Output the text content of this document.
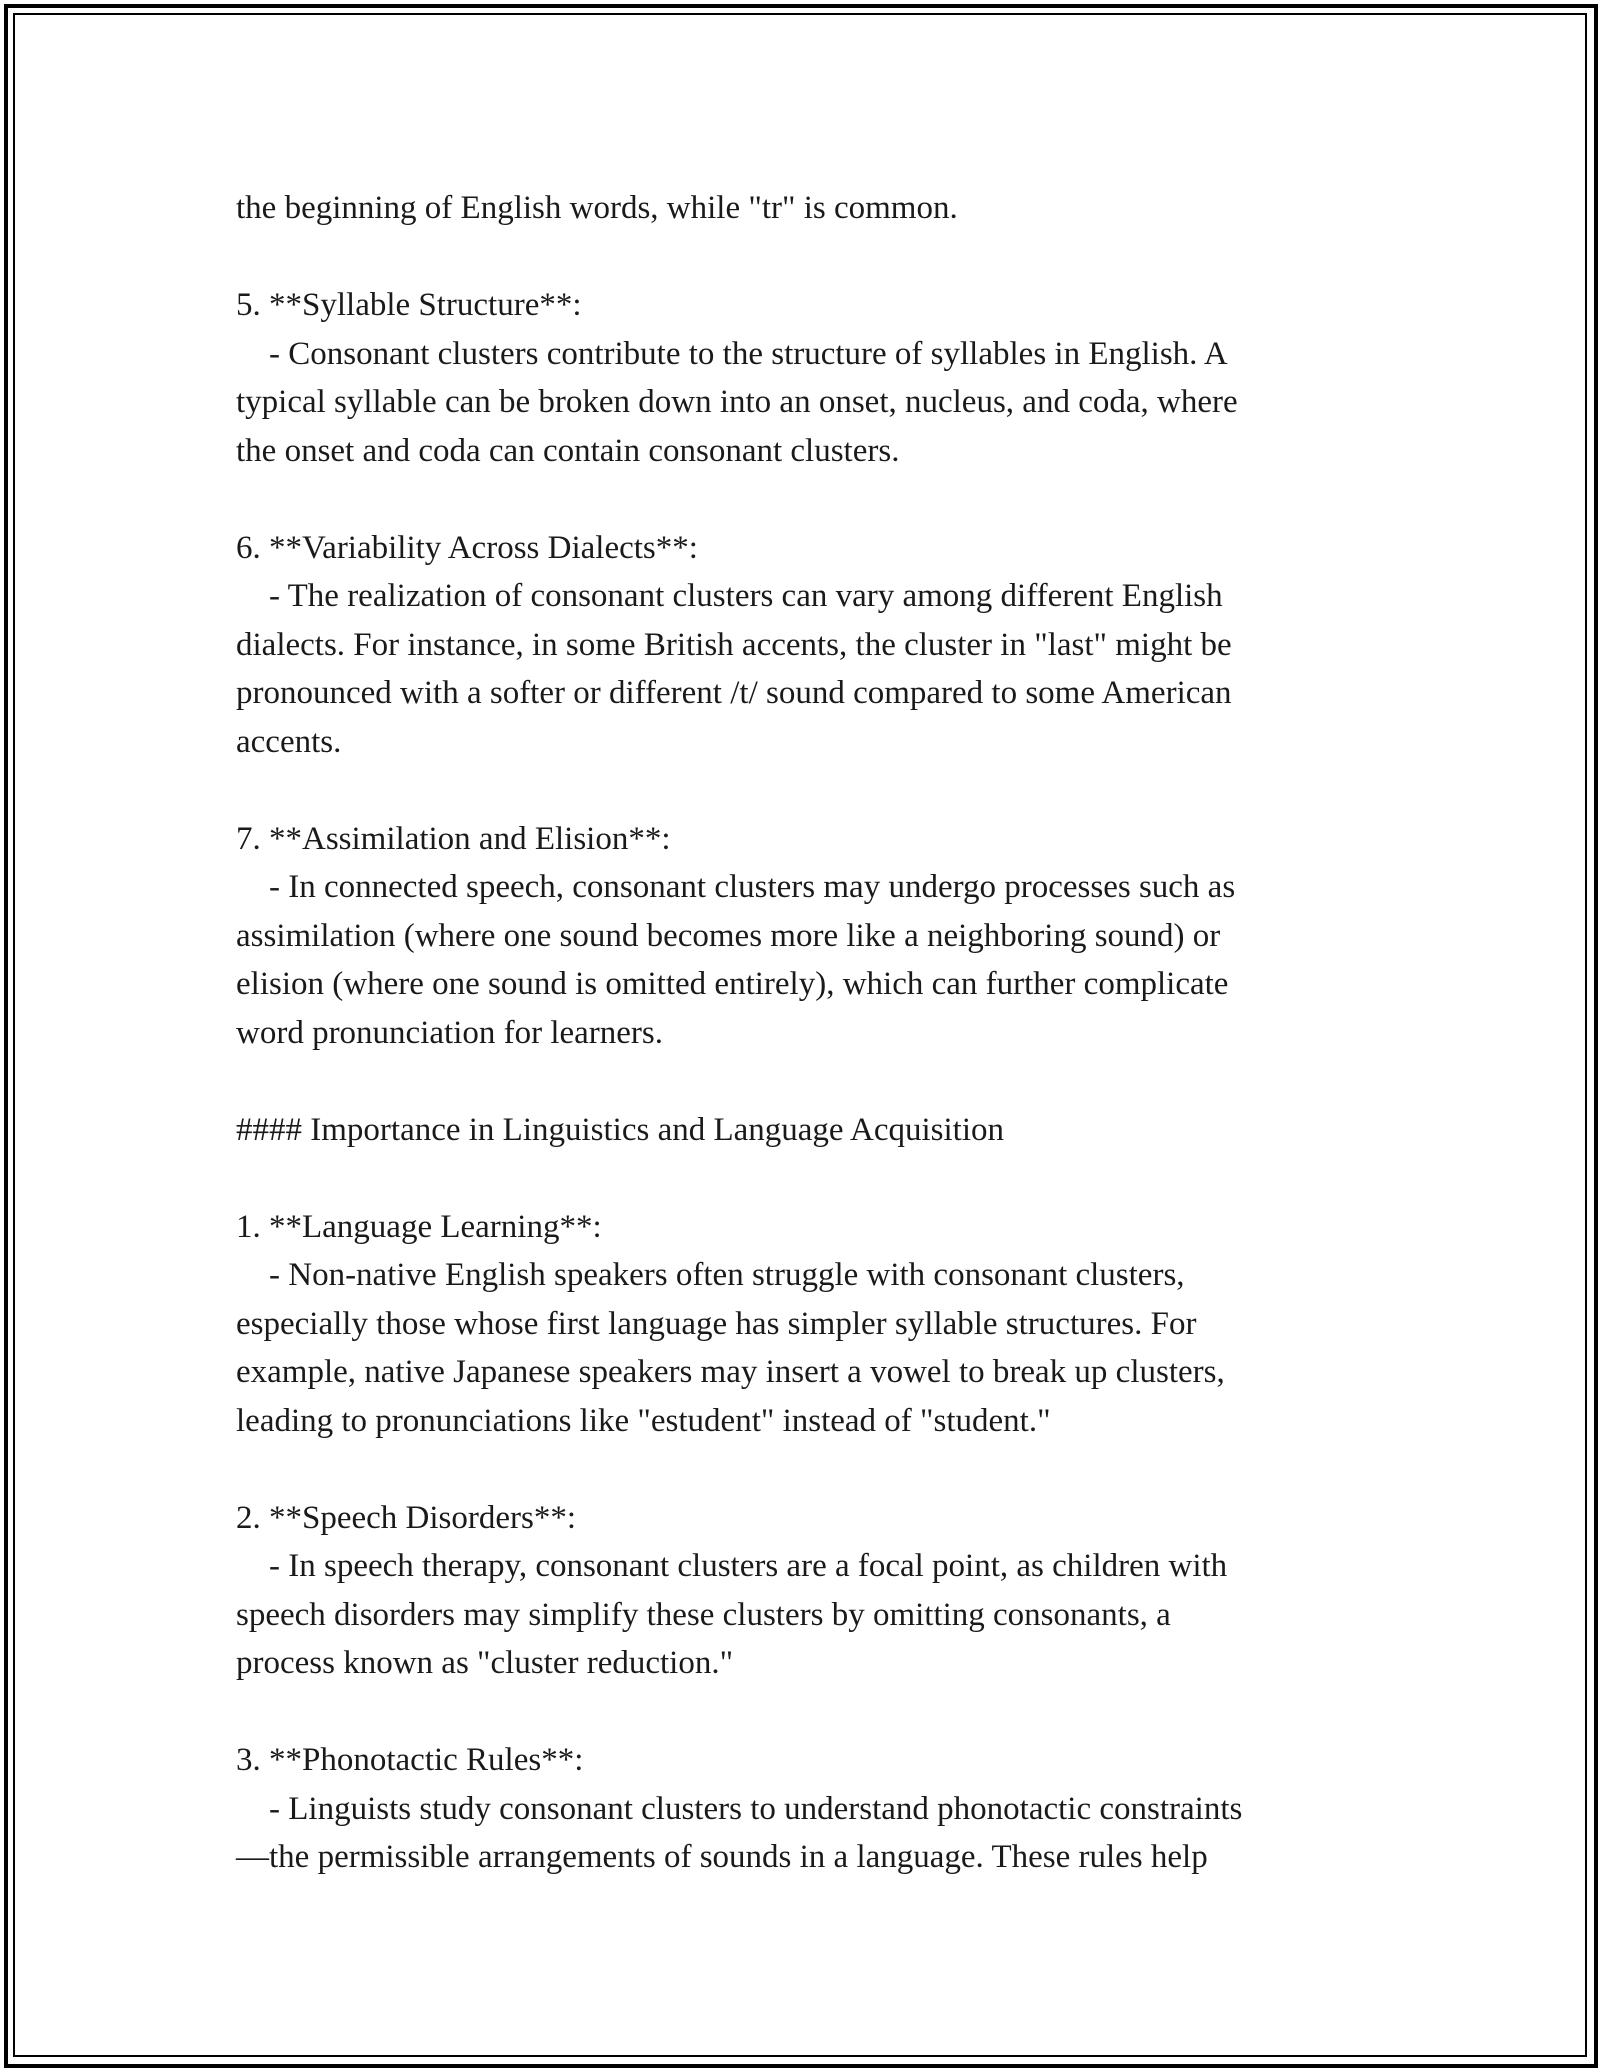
the beginning of English words, while "tr" is common.

5. **Syllable Structure**:

- Consonant clusters contribute to the structure of syllables in English. A

typical syllable can be broken down into an onset, nucleus, and coda, where

the onset and coda can contain consonant clusters.

6. **Variability Across Dialects**:

- The realization of consonant clusters can vary among different English

dialects. For instance, in some British accents, the cluster in "last" might be

pronounced with a softer or different /t/ sound compared to some American

accents.

7. **Assimilation and Elision**:

- In connected speech, consonant clusters may undergo processes such as

assimilation (where one sound becomes more like a neighboring sound) or

elision (where one sound is omitted entirely), which can further complicate

word pronunciation for learners.

#### Importance in Linguistics and Language Acquisition

1. **Language Learning**:

- Non-native English speakers often struggle with consonant clusters,

especially those whose first language has simpler syllable structures. For

example, native Japanese speakers may insert a vowel to break up clusters,

leading to pronunciations like "estudent" instead of "student."

2. **Speech Disorders**:

- In speech therapy, consonant clusters are a focal point, as children with

speech disorders may simplify these clusters by omitting consonants, a

process known as "cluster reduction."

3. **Phonotactic Rules**:

- Linguists study consonant clusters to understand phonotactic constraints

—the permissible arrangements of sounds in a language. These rules help
